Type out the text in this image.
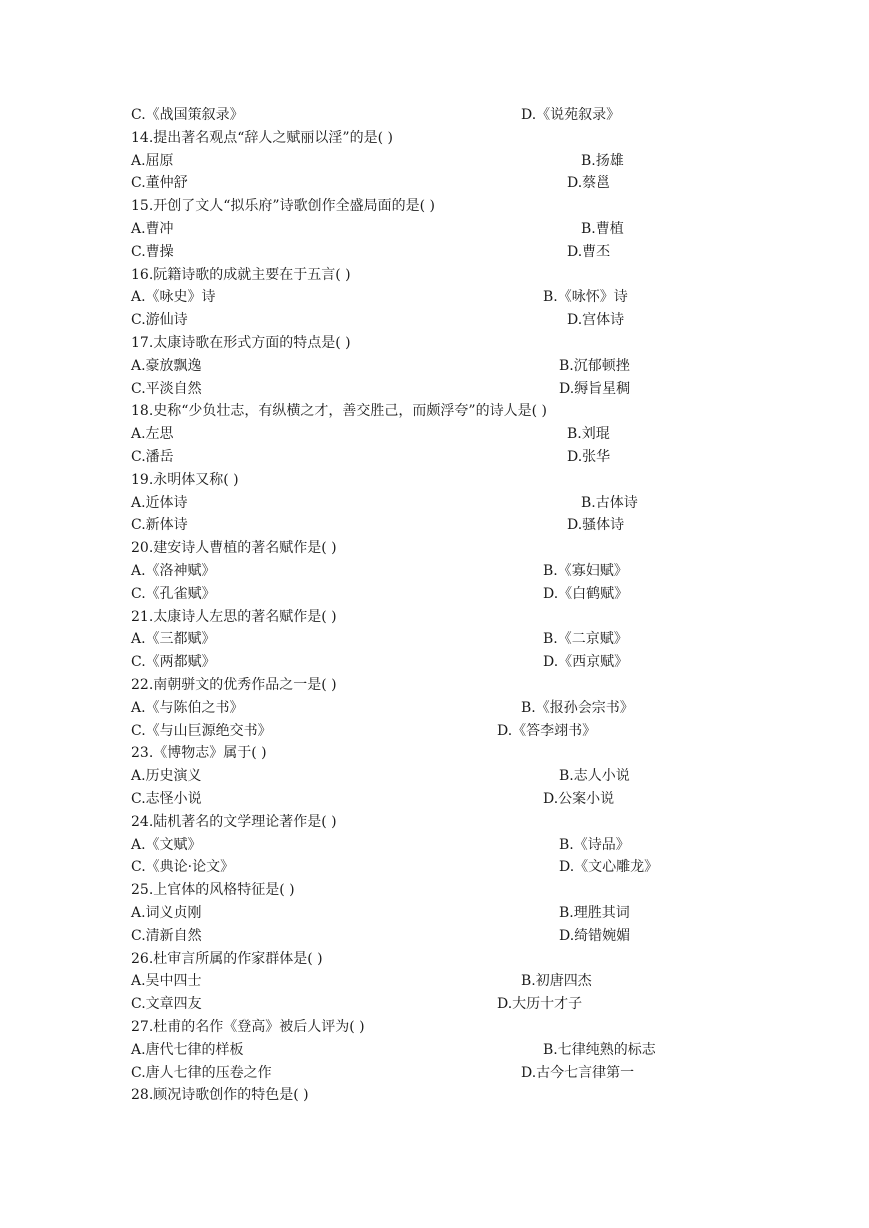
C.《战国策叙录》	D.《说苑叙录》
14.提出著名观点“辞人之赋丽以淫”的是( )
A.屈原	B.扬雄
C.董仲舒	D.蔡邕
15.开创了文人“拟乐府”诗歌创作全盛局面的是( )
A.曹冲	B.曹植
C.曹操	D.曹丕
16.阮籍诗歌的成就主要在于五言( )
A.《咏史》诗	B.《咏怀》诗
C.游仙诗	D.宫体诗
17.太康诗歌在形式方面的特点是( )
A.豪放飘逸	B.沉郁顿挫
C.平淡自然	D.缛旨星稠
18.史称“少负壮志，有纵横之才，善交胜己，而颇浮夸”的诗人是( )
A.左思	B.刘琨
C.潘岳	D.张华
19.永明体又称( )
A.近体诗	B.古体诗
C.新体诗	D.骚体诗
20.建安诗人曹植的著名赋作是( )
A.《洛神赋》	B.《寡妇赋》
C.《孔雀赋》	D.《白鹤赋》
21.太康诗人左思的著名赋作是( )
A.《三都赋》	B.《二京赋》
C.《两都赋》	D.《西京赋》
22.南朝骈文的优秀作品之一是( )
A.《与陈伯之书》	B.《报孙会宗书》
C.《与山巨源绝交书》	D.《答李翊书》
23.《博物志》属于( )
A.历史演义	B.志人小说
C.志怪小说	D.公案小说
24.陆机著名的文学理论著作是( )
A.《文赋》	B.《诗品》
C.《典论·论文》	D.《文心雕龙》
25.上官体的风格特征是( )
A.词义贞刚	B.理胜其词
C.清新自然	D.绮错婉媚
26.杜审言所属的作家群体是( )
A.吴中四士	B.初唐四杰
C.文章四友	D.大历十才子
27.杜甫的名作《登高》被后人评为( )
A.唐代七律的样板	B.七律纯熟的标志
C.唐人七律的压卷之作	D.古今七言律第一
28.顾况诗歌创作的特色是( )
